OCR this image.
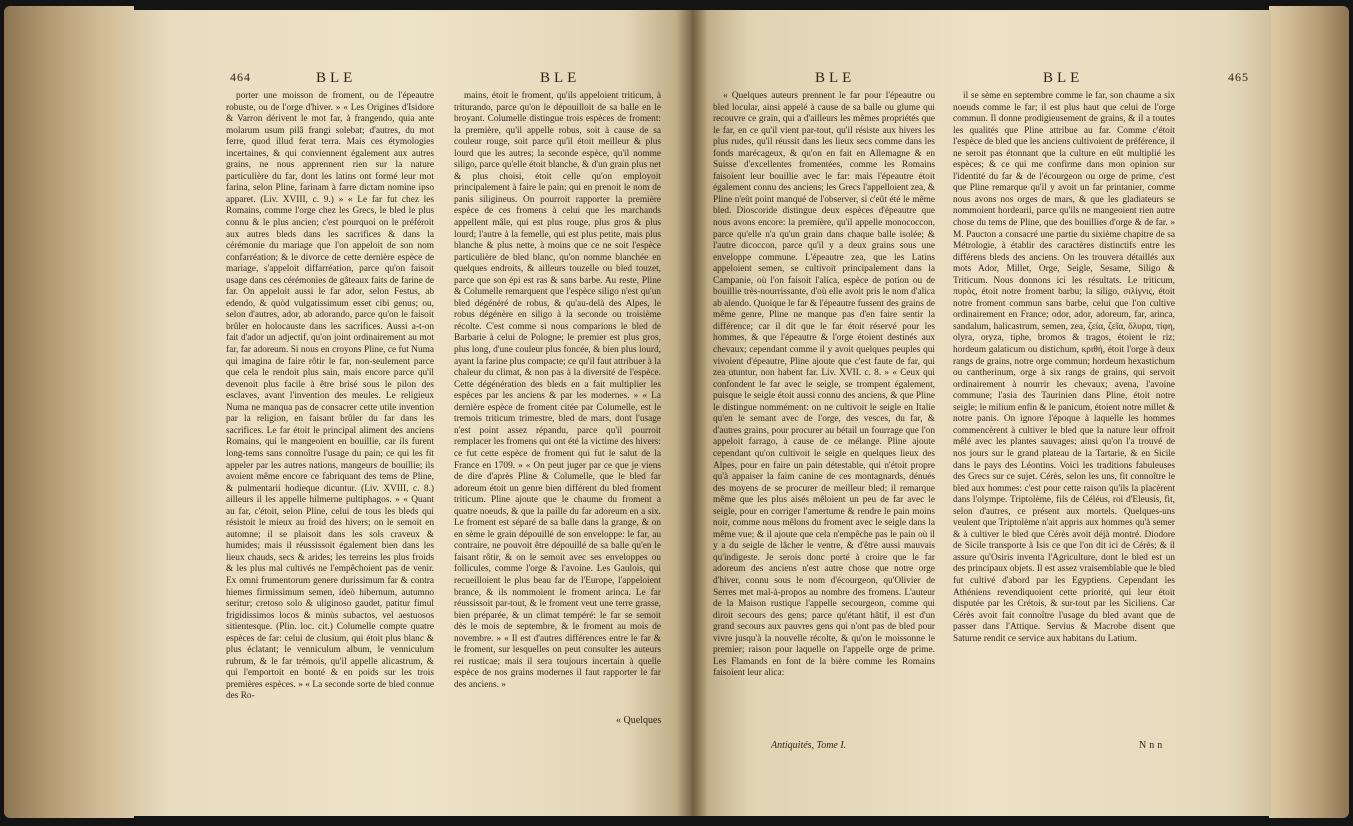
464	BLE	BLE

porter une moisson de froment, ou de l'épeautre robuste, ou de l'orge d'hiver. » « Les Origines d'Isidore & Varron dérivent le mot far, à frangendo, quia ante molarum usum pilâ frangi solebat; d'autres, du mot ferre, quod illud ferat terra. Mais ces étymologies incertaines, & qui conviennent également aux autres grains, ne nous apprennent rien sur la nature particulière du far, dont les latins ont formé leur mot farina, selon Pline, farinam à farre dictam nomine ipso apparet. (Liv. XVIII, c. 9.) » « Le far fut chez les Romains, comme l'orge chez les Grecs, le bled le plus connu & le plus ancien; c'est pourquoi on le préféroit aux autres bleds dans les sacrifices & dans la cérémonie du mariage que l'on appeloit de son nom confarréation; & le divorce de cette dernière espèce de mariage, s'appeloit diffarréation, parce qu'on faisoit usage dans ces cérémonies de gâteaux faits de farine de far. On appeloit aussi le far ador, selon Festus, ab edendo, & quòd vulgatissimum esset cibi genus; ou, selon d'autres, ador, ab adorando, parce qu'on le faisoit brûler en holocauste dans les sacrifices. Aussi a-t-on fait d'ador un adjectif, qu'on joint ordinairement au mot far, far adoreum. Si nous en croyons Pline, ce fut Numa qui imagina de faire rôtir le far, non-seulement parce que cela le rendoit plus sain, mais encore parce qu'il devenoit plus facile à être brisé sous le pilon des esclaves, avant l'invention des meules. Le religieux Numa ne manqua pas de consacrer cette utile invention par la religion, en faisant brûler du far dans les sacrifices. Le far étoit le principal aliment des anciens Romains, qui le mangeoient en bouillie, car ils furent long-tems sans connoître l'usage du pain; ce qui les fit appeler par les autres nations, mangeurs de bouillie; ils avoient même encore ce fabriquant des tems de Pline, & pulmentarii hodieque dicuntur. (Liv. XVIII, c. 8.) ailleurs il les appelle hilmerne pultiphagos. » « Quant au far, c'étoit, selon Pline, celui de tous les bleds qui résistoit le mieux au froid des hivers; on le semoit en automne; il se plaisoit dans les sols craveux & humides; mais il réussissoit également bien dans les lieux chauds, secs & arides; les terreins les plus froids & les plus mal cultivés ne l'empêchoient pas de venir. Ex omni frumentorum genere durissimum far & contra hiemes firmissimum semen, ideò hibernum, autumno seritur; cretoso solo & uliginoso gaudet, patitur fimul frigidissimos locos & minùs subactos, vel aestuosos sitientesque. (Plin. loc. cit.) Columelle compte quatre espèces de far: celui de clusium, qui étoit plus blanc & plus éclatant; le venniculum album, le venniculum rubrum, & le far trémois, qu'il appelle alicastrum, & qui l'emportoit en bonté & en poids sur les trois premières espèces. » « La seconde sorte de bled connue des Ro-

mains, étoit le froment, qu'ils appeloient triticum, à triturando, parce qu'on le dépouilloit de sa balle en le broyant. Columelle distingue trois espèces de froment: la première, qu'il appelle robus, soit à cause de sa couleur rouge, soit parce qu'il étoit meilleur & plus lourd que les autres; la seconde espèce, qu'il nomme siligo, parce qu'elle étoit blanche, & d'un grain plus net & plus choisi, étoit celle qu'on employoit principalement à faire le pain; qui en prenoit le nom de panis siligineus. On pourroit rapporter la première espèce de ces fromens à celui que les marchands appellent mâle, qui est plus rouge, plus gros & plus lourd; l'autre à la femelle, qui est plus petite, mais plus blanche & plus nette, à moins que ce ne soit l'espèce particulière de bled blanc, qu'on nomme blanchée en quelques endroits, & ailleurs touzelle ou bled touzet, parce que son épi est ras & sans barbe. Au reste, Pline & Columelle remarquent que l'espèce siligo n'est qu'un bled dégénéré de robus, & qu'au-delà des Alpes, le robus dégénère en siligo à la seconde ou troisième récolte. C'est comme si nous comparions le bled de Barbarie à celui de Pologne; le premier est plus gros, plus long, d'une couleur plus foncée, & bien plus lourd, ayant la farine plus compacte; ce qu'il faut attribuer à la chaleur du climat, & non pas à la diversité de l'espèce. Cette dégénération des bleds en a fait multiplier les espèces par les anciens & par les modernes. » « La dernière espèce de froment citée par Columelle, est le tremois triticum trimestre, bled de mars, dont l'usage n'est point assez répandu, parce qu'il pourroit remplacer les fromens qui ont été la victime des hivers: ce fut cette espèce de froment qui fut le salut de la France en 1709. » « On peut juger par ce que je viens de dire d'après Pline & Columelle, que le bled far adoreum étoit un genre bien différent du bled froment triticum. Pline ajoute que le chaume du froment a quatre noeuds, & que la paille du far adoreum en a six. Le froment est séparé de sa balle dans la grange, & on en sème le grain dépouillé de son enveloppe: le far, au contraire, ne pouvoit être dépouillé de sa balle qu'en le faisant rôtir, & on le semoit avec ses enveloppes ou follicules, comme l'orge & l'avoine. Les Gaulois, qui recueilloient le plus beau far de l'Europe, l'appeloient brance, & ils nommoient le froment arinca. Le far réussissoit par-tout, & le froment veut une terre grasse, bien préparée, & un climat tempéré: le far se semoit dès le mois de septembre, & le froment au mois de novembre. » « Il est d'autres différences entre le far & le froment, sur lesquelles on peut consulter les auteurs rei rusticae; mais il sera toujours incertain à quelle espèce de nos grains modernes il faut rapporter le far des anciens. »

« Quelques
BLE	BLE	465

« Quelques auteurs prennent le far pour l'épeautre ou bled locular, ainsi appelé à cause de sa balle ou glume qui recouvre ce grain, qui a d'ailleurs les mêmes propriétés que le far, en ce qu'il vient par-tout, qu'il résiste aux hivers les plus rudes, qu'il réussit dans les lieux secs comme dans les fonds marécageux, & qu'on en fait en Allemagne & en Suisse d'excellentes fromentées, comme les Romains faisoient leur bouillie avec le far: mais l'épeautre étoit également connu des anciens; les Grecs l'appelloient zea, & Pline n'eût point manqué de l'observer, si c'eût été le même bled. Dioscoride distingue deux espèces d'épeautre que nous avons encore: la première, qu'il appelle monococcon, parce qu'elle n'a qu'un grain dans chaque balle isolée; & l'autre dicoccon, parce qu'il y a deux grains sous une enveloppe commune. L'épeautre zea, que les Latins appeloient semen, se cultivoit principalement dans la Campanie, où l'on faisoit l'alica, espèce de potion ou de bouillie très-nourrissante, d'où elle avoit pris le nom d'alica ab alendo. Quoique le far & l'épeautre fussent des grains de même genre, Pline ne manque pas d'en faire sentir la différence; car il dit que le far étoit réservé pour les hommes, & que l'épeautre & l'orge étoient destinés aux chevaux; cependant comme il y avoit quelques peuples qui vivoient d'épeautre, Pline ajoute que c'est faute de far, qui zea utuntur, non habent far. Liv. XVII. c. 8. » « Ceux qui confondent le far avec le seigle, se trompent également, puisque le seigle étoit aussi connu des anciens, & que Pline le distingue nommément: on ne cultivoit le seigle en Italie qu'en le semant avec de l'orge, des vesces, du far, & d'autres grains, pour procurer au bétail un fourrage que l'on appeloit farrago, à cause de ce mélange. Pline ajoute cependant qu'on cultivoit le seigle en quelques lieux des Alpes, pour en faire un pain détestable, qui n'étoit propre qu'à appaiser la faim canine de ces montagnards, dénués des moyens de se procurer de meilleur bled; il remarque même que les plus aisés mêloient un peu de far avec le seigle, pour en corriger l'amertume & rendre le pain moins noir, comme nous mêlons du froment avec le seigle dans la même vue; & il ajoute que cela n'empêche pas le pain où il y a du seigle de lâcher le ventre, & d'être aussi mauvais qu'indigeste. Je serois donc porté à croire que le far adoreum des anciens n'est autre chose que notre orge d'hiver, connu sous le nom d'écourgeon, qu'Olivier de Serres met mal-à-propos au nombre des fromens. L'auteur de la Maison rustique l'appelle secourgeon, comme qui diroit secours des gens; parce qu'étant hâtif, il est d'un grand secours aux pauvres gens qui n'ont pas de bled pour vivre jusqu'à la nouvelle récolte, & qu'on le moissonne le premier; raison pour laquelle on l'appelle orge de prime. Les Flamands en font de la bière comme les Romains faisoient leur alica:

il se sème en septembre comme le far, son chaume a six noeuds comme le far; il est plus haut que celui de l'orge commun. Il donne prodigieusement de grains, & il a toutes les qualités que Pline attribue au far. Comme c'étoit l'espèce de bled que les anciens cultivoient de préférence, il ne seroit pas étonnant que la culture en eût multiplié les espèces; & ce qui me confirme dans mon opinion sur l'identité du far & de l'écourgeon ou orge de prime, c'est que Pline remarque qu'il y avoit un far printanier, comme nous avons nos orges de mars, & que les gladiateurs se nommoient hordearii, parce qu'ils ne mangeoient rien autre chose du tems de Pline, que des bouillies d'orge & de far. » M. Paucton a consacré une partie du sixième chapitre de sa Métrologie, à établir des caractères distinctifs entre les différens bleds des anciens. On les trouvera détaillés aux mots Ador, Millet, Orge, Seigle, Sesame, Siligo & Triticum. Nous donnons ici les résultats. Le triticum, πυρὸς, étoit notre froment barbu; la siligo, σιλίγνις, étoit notre froment commun sans barbe, celui que l'on cultive ordinairement en France; odor, ador, adoreum, far, arinca, sandalum, halicastrum, semen, zea, ζεία, ζεῖα, ὄλυρα, τίφη, olyra, oryza, tiphe, bromos & tragos, étoient le riz; hordeum galaticum ou distichum, κριθή, étoit l'orge à deux rangs de grains, notre orge commun; hordeum hexastichum ou cantherinum, orge à six rangs de grains, qui servoit ordinairement à nourrir les chevaux; avena, l'avoine commune; l'asia des Taurinien dans Pline, étoit notre seigle; le milium enfin & le panicum, étoient notre millet & notre panis. On ignore l'époque à laquelle les hommes commencèrent à cultiver le bled que la nature leur offroit mêlé avec les plantes sauvages; ainsi qu'on l'a trouvé de nos jours sur le grand plateau de la Tartarie, & en Sicile dans le pays des Léontins. Voici les traditions fabuleuses des Grecs sur ce sujet. Cérès, selon les uns, fit connoître le bled aux hommes: c'est pour cette raison qu'ils la placèrent dans l'olympe. Triptolème, fils de Céléus, roi d'Eleusis, fit, selon d'autres, ce présent aux mortels. Quelques-uns veulent que Triptolème n'ait appris aux hommes qu'à semer & à cultiver le bled que Cérès avoit déjà montré. Diodore de Sicile transporte à Isis ce que l'on dit ici de Cérès; & il assure qu'Osiris inventa l'Agriculture, dont le bled est un des principaux objets. Il est assez vraisemblable que le bled fut cultivé d'abord par les Egyptiens. Cependant les Athéniens revendiquoient cette priorité, qui leur étoit disputée par les Crétois, & sur-tout par les Siciliens. Car Cérès avoit fait connoître l'usage du bled avant que de passer dans l'Attique. Servius & Macrobe disent que Saturne rendit ce service aux habitans du Latium.

Antiquités, Tome I.	Nnn
